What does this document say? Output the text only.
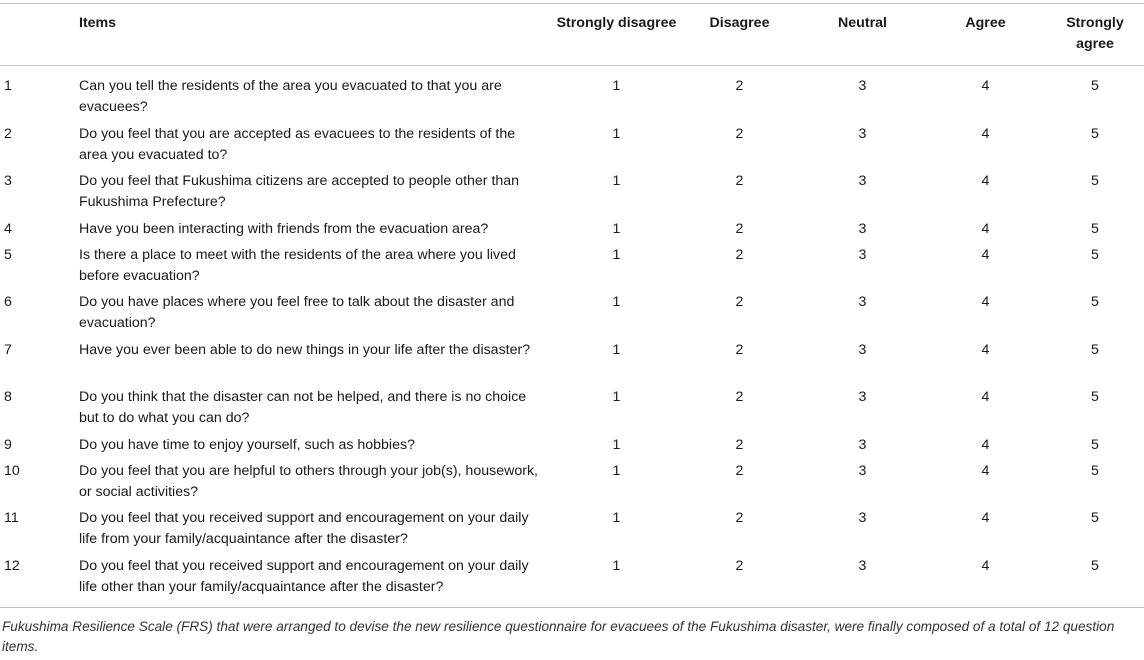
	Items	Strongly disagree	Disagree	Neutral	Agree	Strongly agree
1	Can you tell the residents of the area you evacuated to that you are evacuees?	1	2	3	4	5
2	Do you feel that you are accepted as evacuees to the residents of the area you evacuated to?	1	2	3	4	5
3	Do you feel that Fukushima citizens are accepted to people other than Fukushima Prefecture?	1	2	3	4	5
4	Have you been interacting with friends from the evacuation area?	1	2	3	4	5
5	Is there a place to meet with the residents of the area where you lived before evacuation?	1	2	3	4	5
6	Do you have places where you feel free to talk about the disaster and evacuation?	1	2	3	4	5
7	Have you ever been able to do new things in your life after the disaster?	1	2	3	4	5
8	Do you think that the disaster can not be helped, and there is no choice but to do what you can do?	1	2	3	4	5
9	Do you have time to enjoy yourself, such as hobbies?	1	2	3	4	5
10	Do you feel that you are helpful to others through your job(s), housework, or social activities?	1	2	3	4	5
11	Do you feel that you received support and encouragement on your daily life from your family/acquaintance after the disaster?	1	2	3	4	5
12	Do you feel that you received support and encouragement on your daily life other than your family/acquaintance after the disaster?	1	2	3	4	5
Fukushima Resilience Scale (FRS) that were arranged to devise the new resilience questionnaire for evacuees of the Fukushima disaster, were finally composed of a total of 12 question items.
